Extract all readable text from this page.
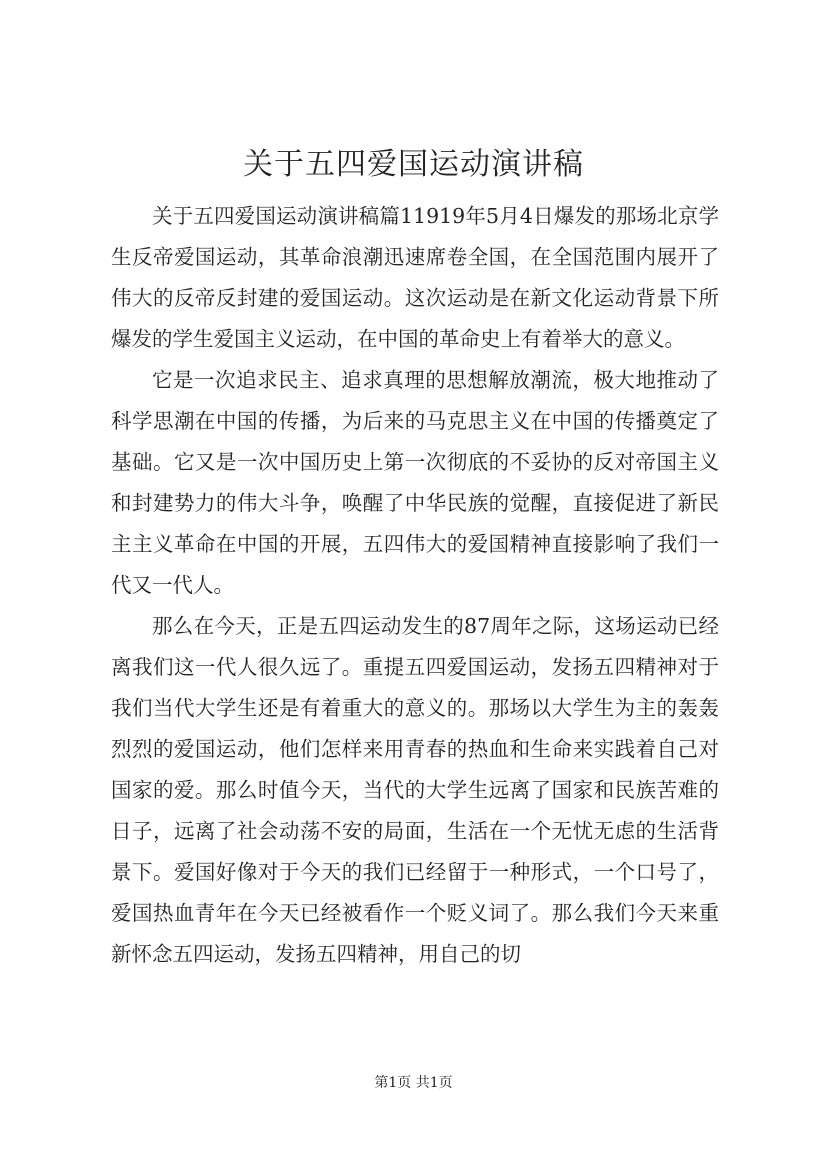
关于五四爱国运动演讲稿

关于五四爱国运动演讲稿篇11919年5月4日爆发的那场北京学生反帝爱国运动，其革命浪潮迅速席卷全国，在全国范围内展开了伟大的反帝反封建的爱国运动。这次运动是在新文化运动背景下所爆发的学生爱国主义运动，在中国的革命史上有着举大的意义。

它是一次追求民主、追求真理的思想解放潮流，极大地推动了科学思潮在中国的传播，为后来的马克思主义在中国的传播奠定了基础。它又是一次中国历史上第一次彻底的不妥协的反对帝国主义和封建势力的伟大斗争，唤醒了中华民族的觉醒，直接促进了新民主主义革命在中国的开展，五四伟大的爱国精神直接影响了我们一代又一代人。

那么在今天，正是五四运动发生的87周年之际，这场运动已经离我们这一代人很久远了。重提五四爱国运动，发扬五四精神对于我们当代大学生还是有着重大的意义的。那场以大学生为主的轰轰烈烈的爱国运动，他们怎样来用青春的热血和生命来实践着自己对国家的爱。那么时值今天，当代的大学生远离了国家和民族苦难的日子，远离了社会动荡不安的局面，生活在一个无忧无虑的生活背景下。爱国好像对于今天的我们已经留于一种形式，一个口号了，爱国热血青年在今天已经被看作一个贬义词了。那么我们今天来重新怀念五四运动，发扬五四精神，用自己的切

第1页 共1页
